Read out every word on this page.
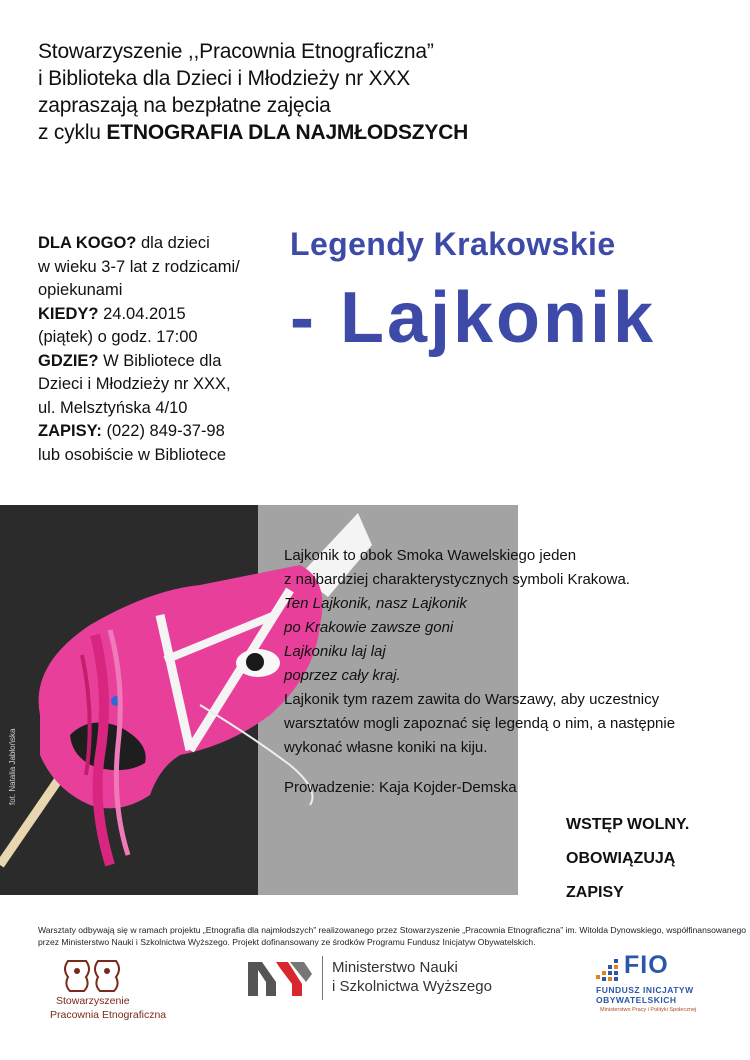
Stowarzyszenie ,,Pracownia Etnograficzna”
i Biblioteka dla Dzieci i Młodzieży nr XXX
zapraszają na bezpłatne zajęcia
z cyklu ETNOGRAFIA DLA NAJMŁODSZYCH
DLA KOGO? dla dzieci
w wieku 3-7 lat z rodzicami/
opiekunami
KIEDY? 24.04.2015
(piątek) o godz. 17:00
GDZIE? W Bibliotece dla
Dzieci i Młodzieży nr XXX,
ul. Melsztyńska 4/10
ZAPISY: (022) 849-37-98
lub osobiście w Bibliotece
Legendy Krakowskie
- Lajkonik
fot. Natalia Jabłońska
Lajkonik to obok Smoka Wawelskiego jeden
z najbardziej charakterystycznych symboli Krakowa.
Ten Lajkonik, nasz Lajkonik
po Krakowie zawsze goni
Lajkoniku laj laj
poprzez cały kraj.
Lajkonik tym razem zawita do Warszawy, aby uczestnicy
warsztatów mogli zapoznać się legendą o nim, a następnie
wykonać własne koniki na kiju.
Prowadzenie: Kaja Kojder-Demska
WSTĘP WOLNY.
OBOWIĄZUJĄ
ZAPISY
Warsztaty odbywają się w ramach projektu „Etnografia dla najmłodszych” realizowanego przez Stowarzyszenie „Pracownia Etnograficzna” im. Witolda Dynowskiego, współfinansowanego
przez Ministerstwo Nauki i Szkolnictwa Wyższego. Projekt dofinansowany ze środków Programu Fundusz Inicjatyw Obywatelskich.
Stowarzyszenie
Pracownia Etnograficzna
Ministerstwo Nauki
i Szkolnictwa Wyższego
FIO
FUNDUSZ INICJATYW
OBYWATELSKICH
Ministerstwo Pracy i Polityki Społecznej
